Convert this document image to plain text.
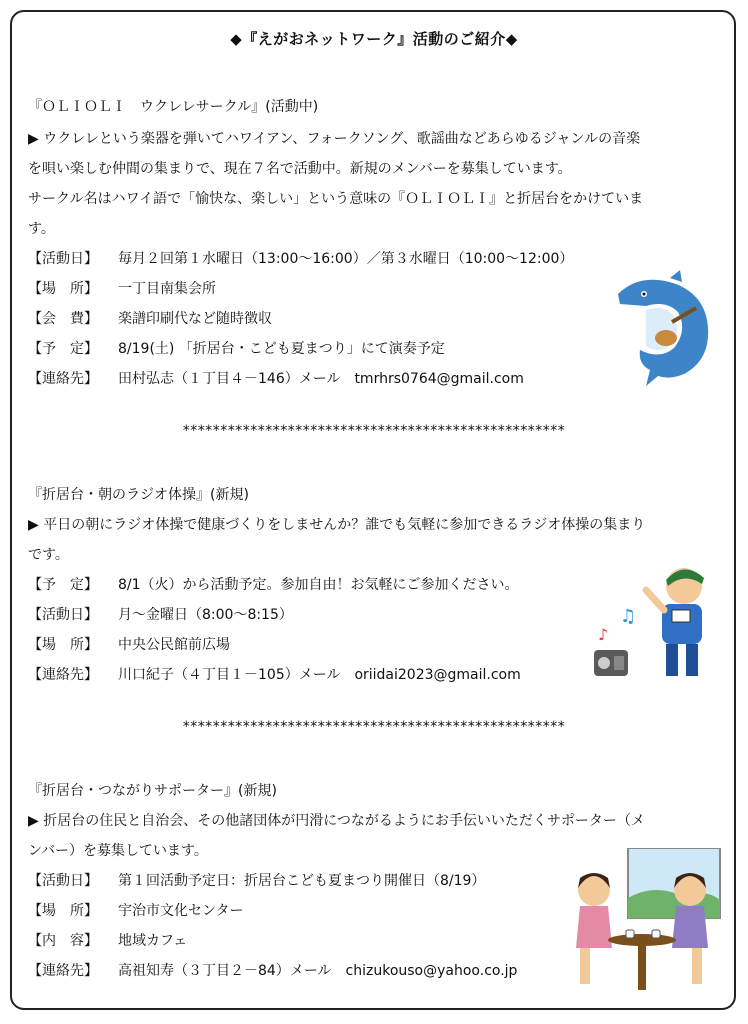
◆『えがおネットワーク』活動のご紹介◆
『ＯＬＩＯＬＩ　ウクレレサークル』(活動中)
▶ ウクレレという楽器を弾いてハワイアン、フォークソング、歌謡曲などあらゆるジャンルの音楽
を唄い楽しむ仲間の集まりで、現在７名で活動中。新規のメンバーを募集しています。
サークル名はハワイ語で「愉快な、楽しい」という意味の『ＯＬＩＯＬＩ』と折居台をかけていま
す。
【活動日】 毎月２回第１水曜日（13:00～16:00）／第３水曜日（10:00～12:00）
【場　所】 一丁目南集会所
【会　費】 楽譜印刷代など随時徴収
【予　定】 8/19(土) 「折居台・こども夏まつり」にて演奏予定
【連絡先】 田村弘志（１丁目４－146）メール　tmrhrs0764@gmail.com
***************************************************
『折居台・朝のラジオ体操』(新規)
▶ 平日の朝にラジオ体操で健康づくりをしませんか？誰でも気軽に参加できるラジオ体操の集まり
です。
【予　定】 8/1（火）から活動予定。参加自由！お気軽にご参加ください。
【活動日】 月～金曜日（8:00～8:15）
【場　所】 中央公民館前広場
【連絡先】 川口紀子（４丁目１－105）メール　oriidai2023@gmail.com
♪
♫
***************************************************
『折居台・つながりサポーター』(新規)
▶ 折居台の住民と自治会、その他諸団体が円滑につながるようにお手伝いいただくサポーター（メ
ンバー）を募集しています。
【活動日】 第１回活動予定日：折居台こども夏まつり開催日（8/19）
【場　所】 宇治市文化センター
【内　容】 地域カフェ
【連絡先】 高祖知寿（３丁目２－84）メール　chizukouso@yahoo.co.jp
